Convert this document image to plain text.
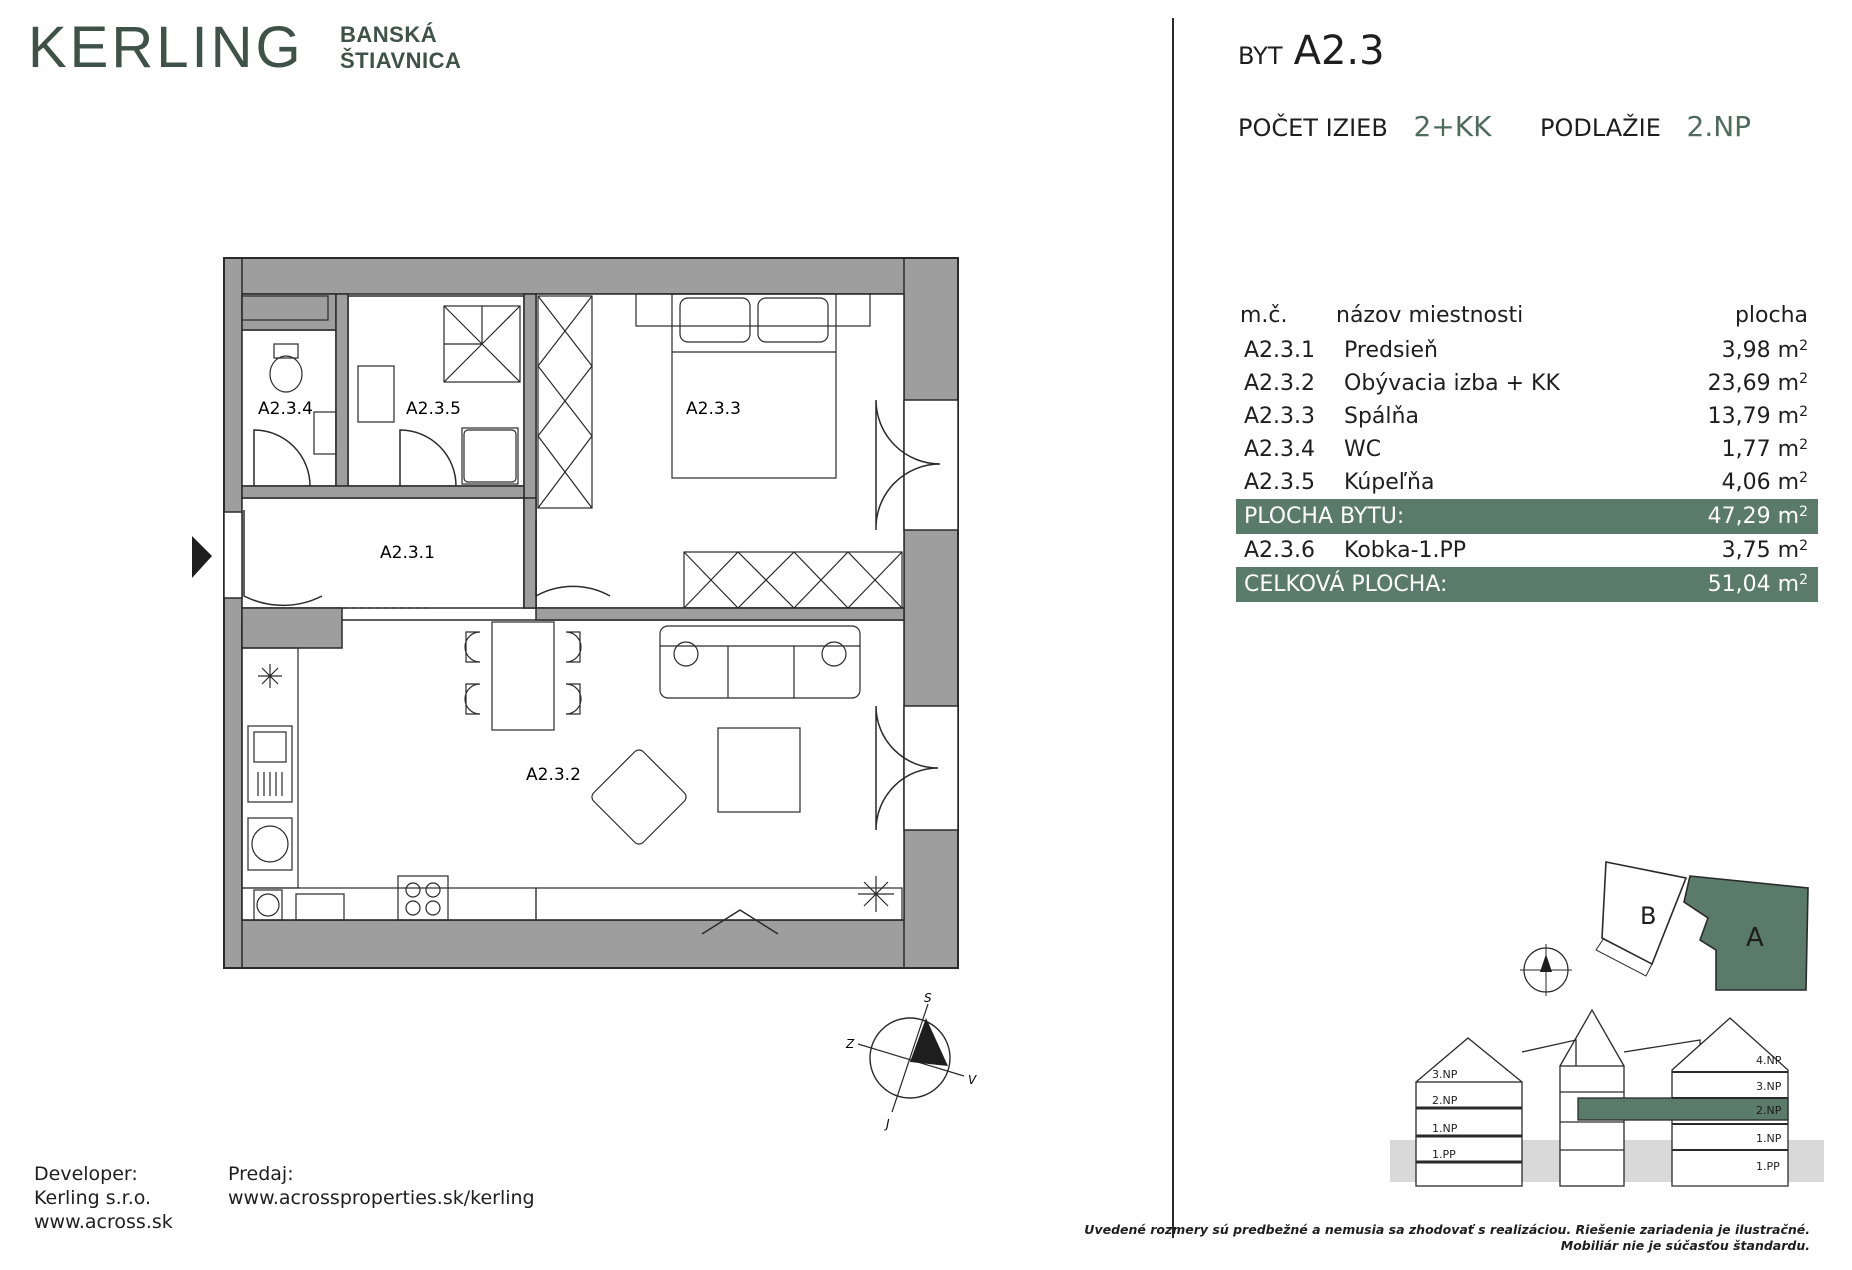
KERLING BANSKÁ
ŠTIAVNICA	BYT A2.3
POČET IZIEB 2+KK PODLAŽIE 2.NP
m.č. názov miestnosti	plocha
A2.3.1 Predsieň	3,98 $m^2$
A2.3.2 Obývacia izba + KK	23,69 $m^2$
A2.3.3 Spálňa	13,79 $m^2$
A2.3.4 WC	1,77 $m^2$
A2.3.5 Kúpeľňa	4,06 $m^2$
PLOCHA BYTU:	47,29 $m^2$
A2.3.6 Kobka-1.PP	3,75 $m^2$
CELKOVÁ PLOCHA:	51,04 $m^2$
A2.3.4	A2.3.5	A2.3.3
A2.3.1
A2.3.2
S
J
V
Z
B
A
3.NP
2.NP
1.NP
1.PP
4.NP
3.NP
2.NP
1.NP
1.PP
Developer:
Kerling s.r.o.
www.across.sk
Predaj:
www.acrossproperties.sk/kerling
Uvedené rozmery sú predbežné a nemusia sa zhodovať s realizáciou. Riešenie zariadenia je ilustračné.
Mobiliár nie je súčasťou štandardu.
